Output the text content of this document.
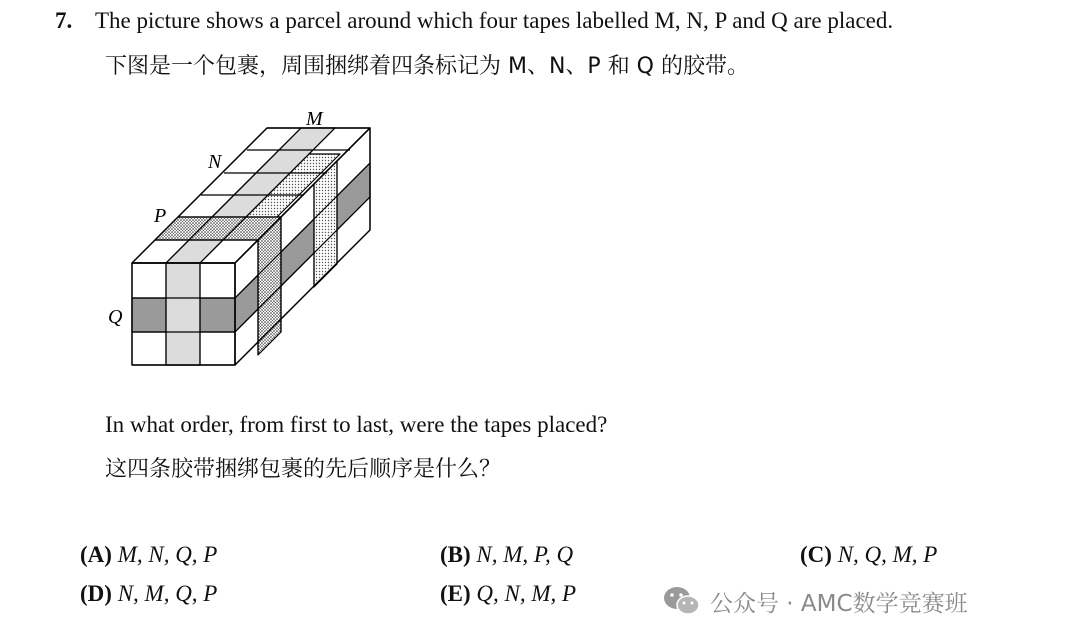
7. The picture shows a parcel around which four tapes labelled M, N, P and Q are placed.
下图是一个包裹，周围捆绑着四条标记为 M、N、P 和 Q 的胶带。
M
N
P
Q
In what order, from first to last, were the tapes placed?
这四条胶带捆绑包裹的先后顺序是什么？
(A) M, N, Q, P	(B) N, M, P, Q	(C) N, Q, M, P
(D) N, M, Q, P	(E) Q, N, M, P	公众号 · AMC数学竞赛班
